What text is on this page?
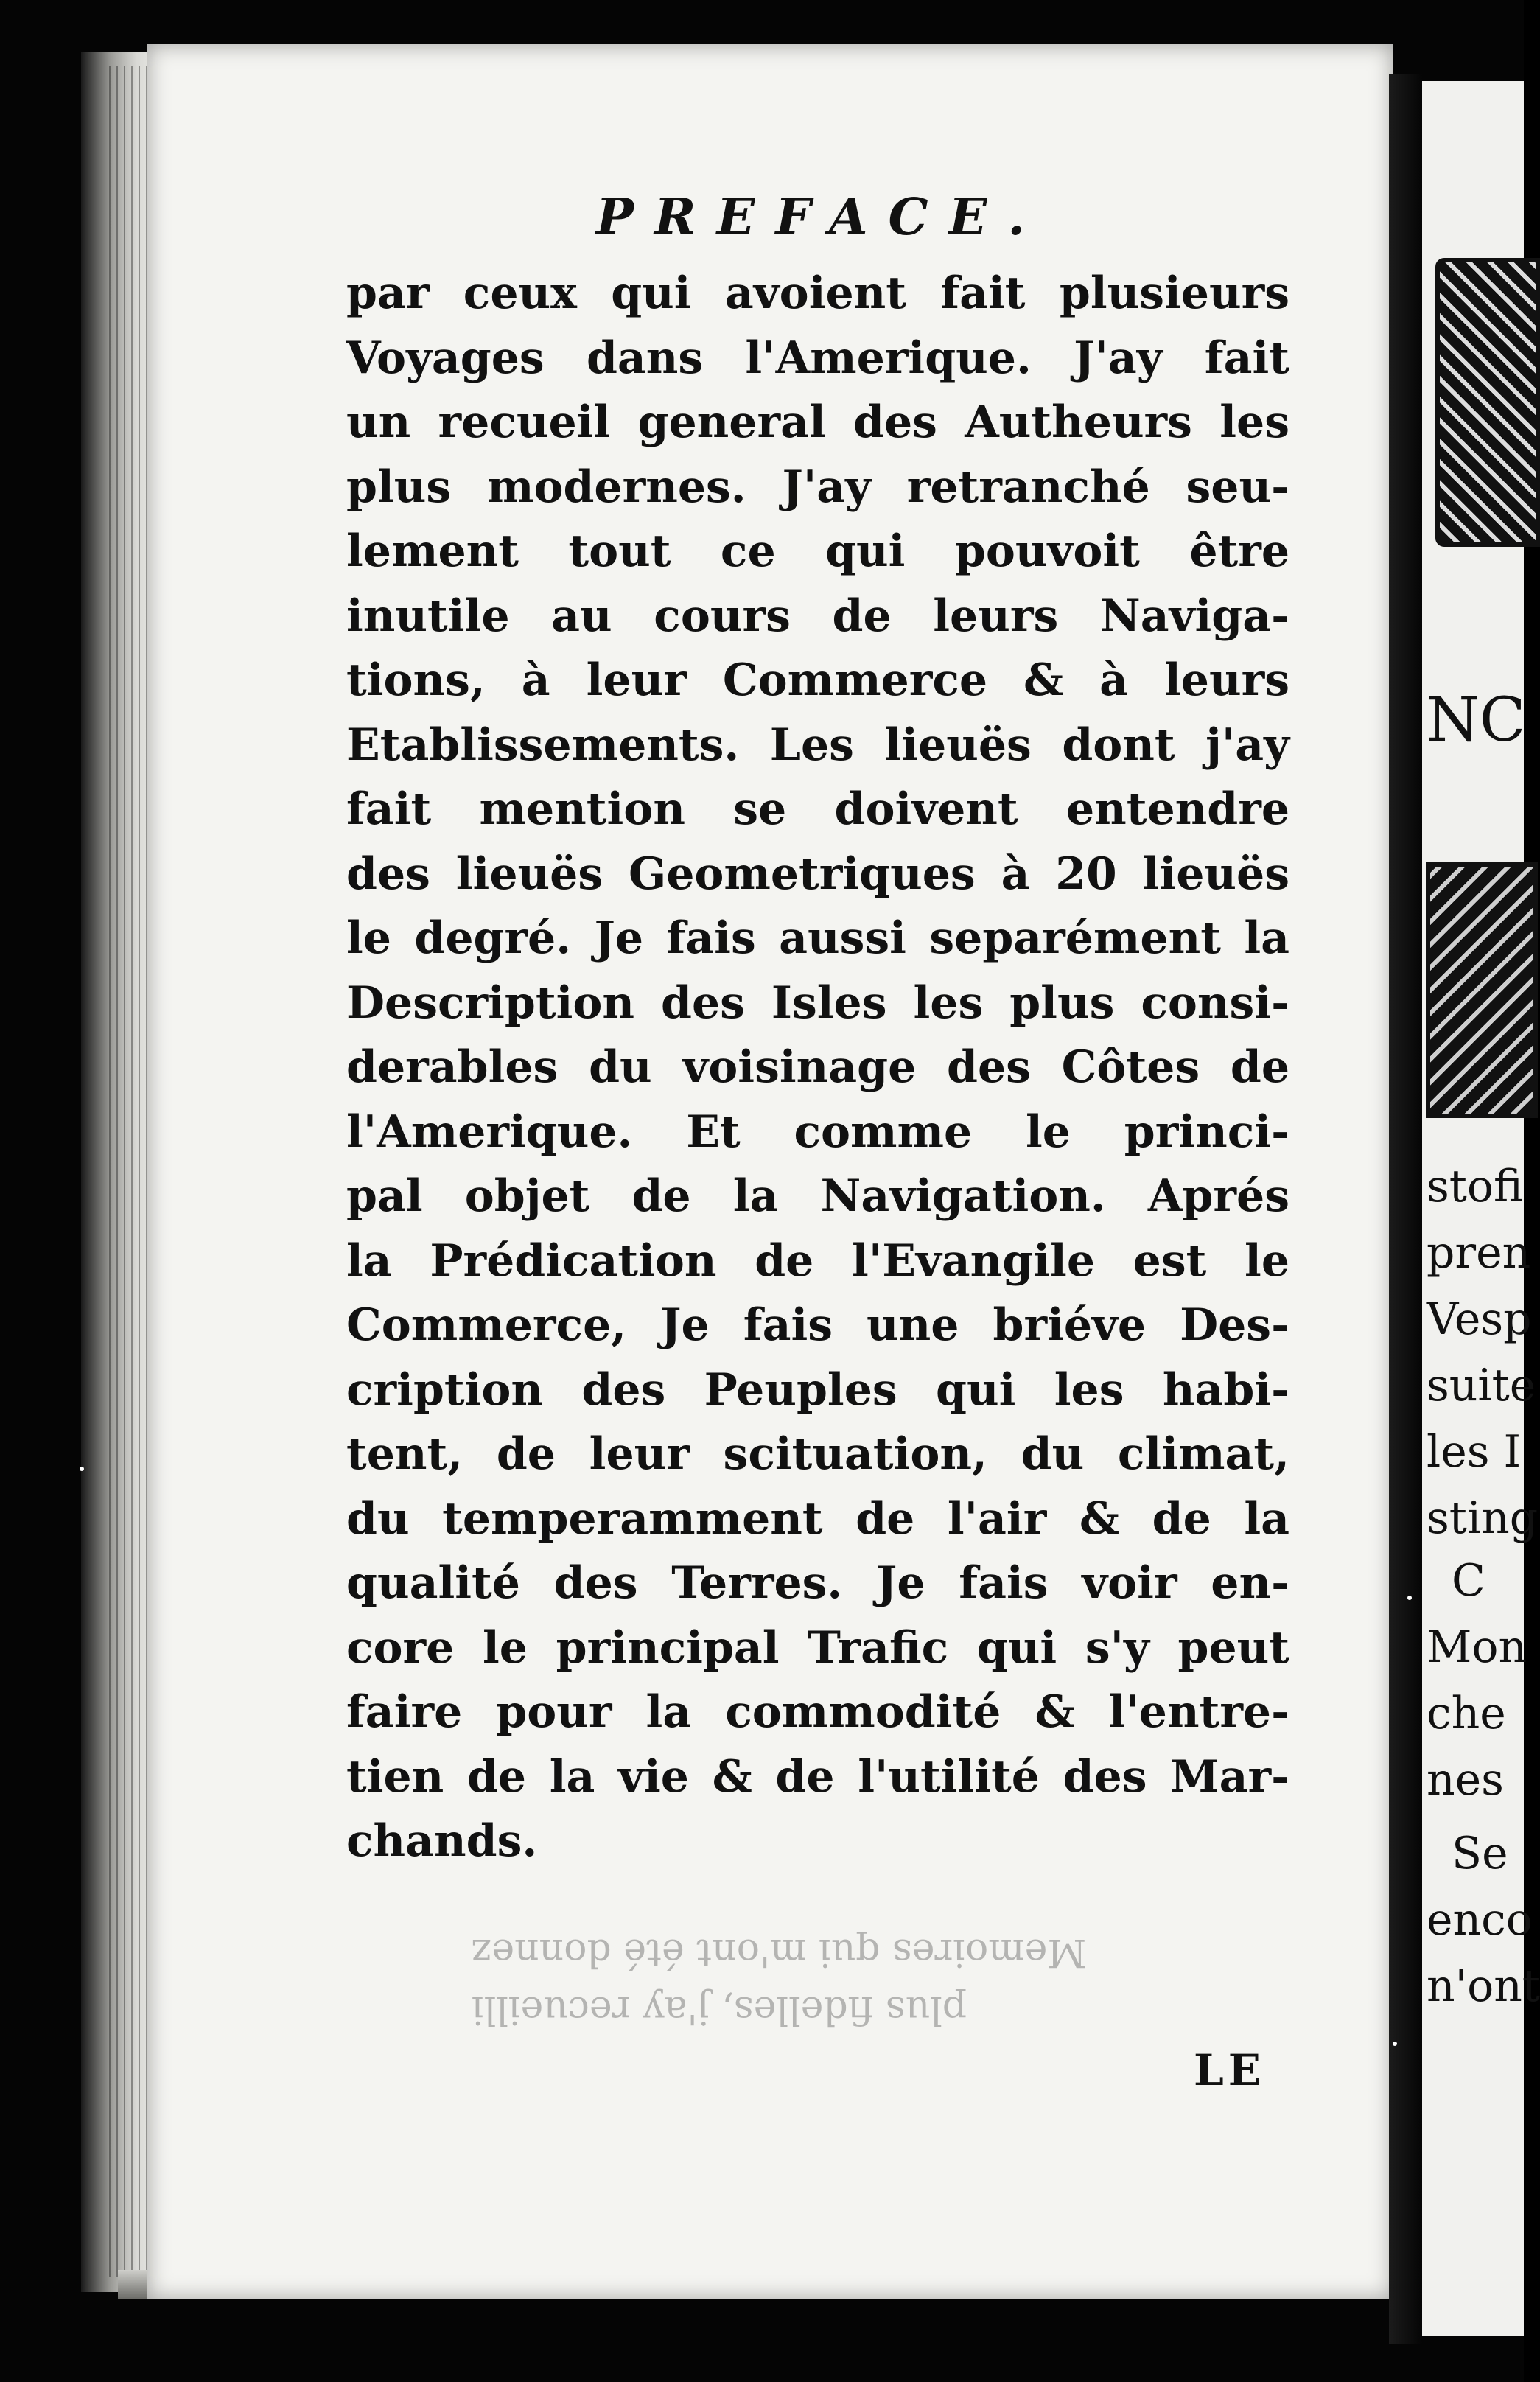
PREFACE.
par ceux qui avoient fait plusieurs
Voyages dans l'Amerique. J'ay fait
un recueil general des Autheurs les
plus modernes. J'ay retranché seu-
lement tout ce qui pouvoit être
inutile au cours de leurs Naviga-
tions, à leur Commerce & à leurs
Etablissements. Les lieuës dont j'ay
fait mention se doivent entendre
des lieuës Geometriques à 20 lieuës
le degré. Je fais aussi separément la
Description des Isles les plus consi-
derables du voisinage des Côtes de
l'Amerique. Et comme le princi-
pal objet de la Navigation. Aprés
la Prédication de l'Evangile est le
Commerce, Je fais une briéve Des-
cription des Peuples qui les habi-
tent, de leur scituation, du climat,
du temperamment de l'air & de la
qualité des Terres. Je fais voir en-
core le principal Trafic qui s'y peut
faire pour la commodité & l'entre-
tien de la vie & de l'utilité des Mar-
chands.
plus fidelles, j'ay recueilli
Memoires qui m'ont été donnez
LE
NC
stofi
pren
Vesp
suite
les I
sting
C
Mon
che
nes
Se
enco
n'ont
